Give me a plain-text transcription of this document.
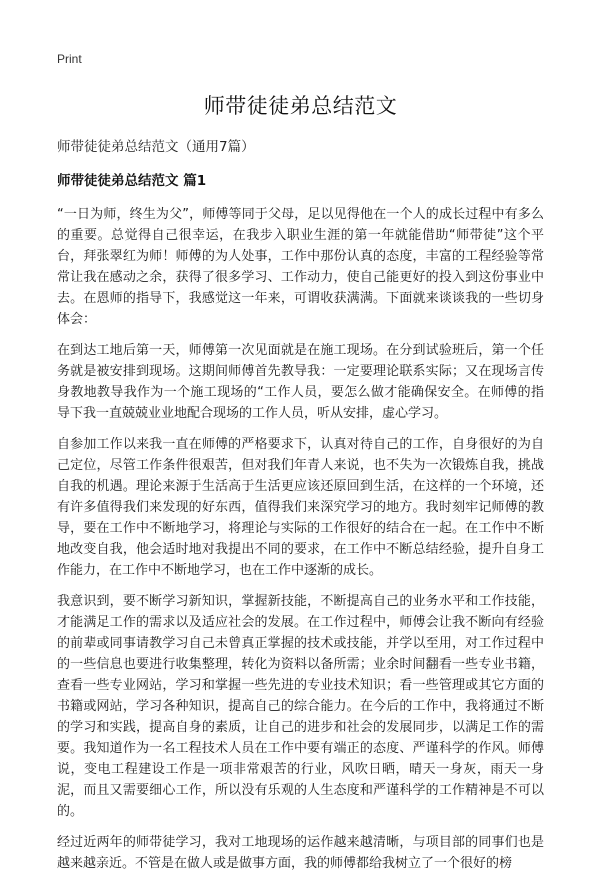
Print
师带徒徒弟总结范文

师带徒徒弟总结范文（通用7篇）

师带徒徒弟总结范文 篇1

“一日为师，终生为父”，师傅等同于父母，足以见得他在一个人的成长过程中有多么的重要。总觉得自己很幸运，在我步入职业生涯的第一年就能借助“师带徒”这个平台，拜张翠红为师！师傅的为人处事，工作中那份认真的态度，丰富的工程经验等常常让我在感动之余，获得了很多学习、工作动力，使自己能更好的投入到这份事业中去。在恩师的指导下，我感觉这一年来，可谓收获满满。下面就来谈谈我的一些切身体会：

在到达工地后第一天，师傅第一次见面就是在施工现场。在分到试验班后，第一个任务就是被安排到现场。这期间师傅首先教导我：一定要理论联系实际；又在现场言传身教地教导我作为一个施工现场的“工作人员，要怎么做才能确保安全。在师傅的指导下我一直兢兢业业地配合现场的工作人员，听从安排，虚心学习。

自参加工作以来我一直在师傅的严格要求下，认真对待自己的工作，自身很好的为自己定位，尽管工作条件很艰苦，但对我们年青人来说，也不失为一次锻炼自我，挑战自我的机遇。理论来源于生活高于生活更应该还原回到生活，在这样的一个环境，还有许多值得我们来发现的好东西，值得我们来深究学习的地方。我时刻牢记师傅的教导，要在工作中不断地学习，将理论与实际的工作很好的结合在一起。在工作中不断地改变自我，他会适时地对我提出不同的要求，在工作中不断总结经验，提升自身工作能力，在工作中不断地学习，也在工作中逐渐的成长。

我意识到，要不断学习新知识，掌握新技能，不断提高自己的业务水平和工作技能，才能满足工作的需求以及适应社会的发展。在工作过程中，师傅会让我不断向有经验的前辈或同事请教学习自己未曾真正掌握的技术或技能，并学以至用，对工作过程中的一些信息也要进行收集整理，转化为资料以备所需；业余时间翻看一些专业书籍，查看一些专业网站，学习和掌握一些先进的专业技术知识；看一些管理或其它方面的书籍或网站，学习各种知识，提高自己的综合能力。在今后的工作中，我将通过不断的学习和实践，提高自身的素质，让自己的进步和社会的发展同步，以满足工作的需要。我知道作为一名工程技术人员在工作中要有端正的态度、严谨科学的作风。师傅说，变电工程建设工作是一项非常艰苦的行业，风吹日晒，晴天一身灰，雨天一身泥，而且又需要细心工作，所以没有乐观的人生态度和严谨科学的工作精神是不可以的。

经过近两年的师带徒学习，我对工地现场的运作越来越清晰，与项目部的同事们也是越来越亲近。不管是在做人或是做事方面，我的师傅都给我树立了一个很好的榜
